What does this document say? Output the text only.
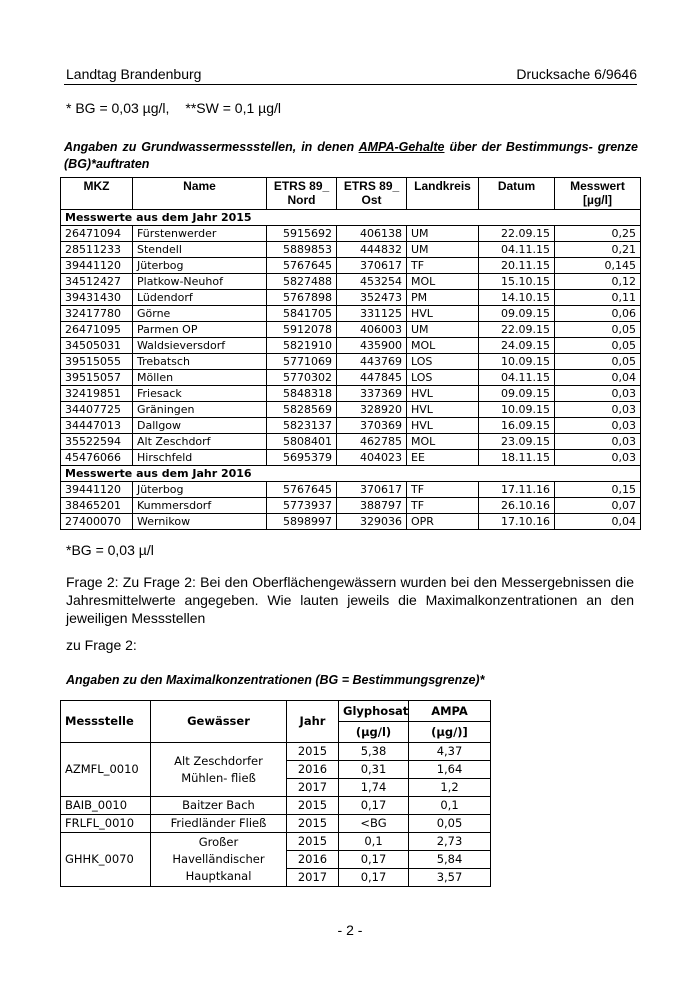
Landtag Brandenburg	Drucksache 6/9646
* BG = 0,03 µg/l, **SW = 0,1 µg/l
Angaben zu Grundwassermessstellen, in denen AMPA-Gehalte über der Bestimmungs- grenze (BG)*auftraten
MKZ	Name	ETRS 89_ Nord	ETRS 89_ Ost	Landkreis	Datum	Messwert [µg/l]
Messwerte aus dem Jahr 2015						
26471094	Fürstenwerder	5915692	406138	UM	22.09.15	0,25
28511233	Stendell	5889853	444832	UM	04.11.15	0,21
39441120	Jüterbog	5767645	370617	TF	20.11.15	0,145
34512427	Platkow-Neuhof	5827488	453254	MOL	15.10.15	0,12
39431430	Lüdendorf	5767898	352473	PM	14.10.15	0,11
32417780	Görne	5841705	331125	HVL	09.09.15	0,06
26471095	Parmen OP	5912078	406003	UM	22.09.15	0,05
34505031	Waldsieversdorf	5821910	435900	MOL	24.09.15	0,05
39515055	Trebatsch	5771069	443769	LOS	10.09.15	0,05
39515057	Möllen	5770302	447845	LOS	04.11.15	0,04
32419851	Friesack	5848318	337369	HVL	09.09.15	0,03
34407725	Gräningen	5828569	328920	HVL	10.09.15	0,03
34447013	Dallgow	5823137	370369	HVL	16.09.15	0,03
35522594	Alt Zeschdorf	5808401	462785	MOL	23.09.15	0,03
45476066	Hirschfeld	5695379	404023	EE	18.11.15	0,03
Messwerte aus dem Jahr 2016						
39441120	Jüterbog	5767645	370617	TF	17.11.16	0,15
38465201	Kummersdorf	5773937	388797	TF	26.10.16	0,07
27400070	Wernikow	5898997	329036	OPR	17.10.16	0,04
*BG = 0,03 µ/l
Frage 2: Zu Frage 2: Bei den Oberflächengewässern wurden bei den Messergebnissen die Jahresmittelwerte angegeben. Wie lauten jeweils die Maximalkonzentrationen an den jeweiligen Messstellen
zu Frage 2:
Angaben zu den Maximalkonzentrationen (BG = Bestimmungsgrenze)*
Messstelle	Gewässer	Jahr	Glyphosat	AMPA
			(µg/l)	(µg/)]
AZMFL_0010	Alt Zeschdorfer Mühlen- fließ	2015	5,38	4,37
		2016	0,31	1,64
		2017	1,74	1,2
BAIB_0010	Baitzer Bach	2015	0,17	0,1
FRLFL_0010	Friedländer Fließ	2015	<BG	0,05
GHHK_0070	Großer Havelländischer Hauptkanal	2015	0,1	2,73
		2016	0,17	5,84
		2017	0,17	3,57
- 2 -
